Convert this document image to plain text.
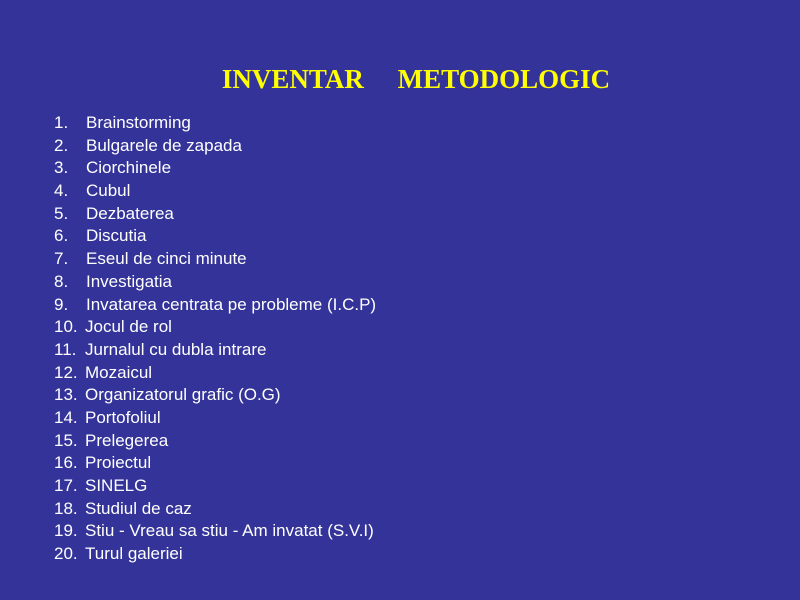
INVENTAR     METODOLOGIC
1. Brainstorming
2. Bulgarele de zapada
3. Ciorchinele
4. Cubul
5. Dezbaterea
6. Discutia
7. Eseul de cinci minute
8. Investigatia
9. Invatarea centrata pe probleme (I.C.P)
10. Jocul de rol
11. Jurnalul cu dubla intrare
12. Mozaicul
13. Organizatorul grafic (O.G)
14. Portofoliul
15. Prelegerea
16. Proiectul
17. SINELG
18. Studiul de caz
19. Stiu - Vreau sa stiu - Am invatat (S.V.I)
20. Turul galeriei
